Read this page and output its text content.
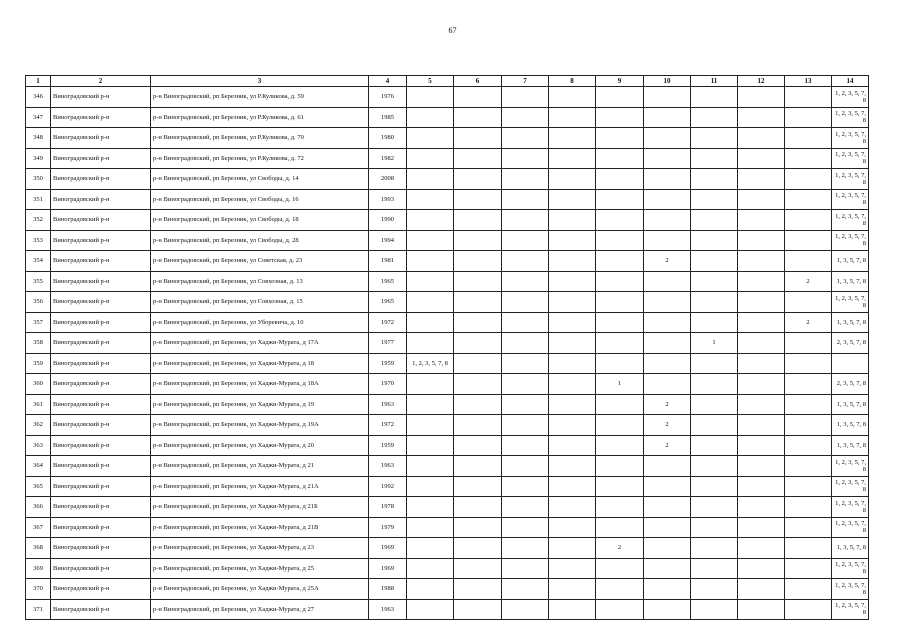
67
1	2	3	4	5	6	7	8	9	10	11	12	13	14
346	Виноградовский р-н	р-н Виноградовский, рп Березник, ул Р.Куликова, д. 59	1976										1, 2, 3, 5, 7, 8
347	Виноградовский р-н	р-н Виноградовский, рп Березник, ул Р.Куликова, д. 61	1985										1, 2, 3, 5, 7, 8
348	Виноградовский р-н	р-н Виноградовский, рп Березник, ул Р.Куликова, д. 70	1980										1, 2, 3, 5, 7, 8
349	Виноградовский р-н	р-н Виноградовский, рп Березник, ул Р.Куликова, д. 72	1982										1, 2, 3, 5, 7, 8
350	Виноградовский р-н	р-н Виноградовский, рп Березник, ул Свободы, д. 14	2008										1, 2, 3, 5, 7, 8
351	Виноградовский р-н	р-н Виноградовский, рп Березник, ул Свободы, д. 16	1993										1, 2, 3, 5, 7, 8
352	Виноградовский р-н	р-н Виноградовский, рп Березник, ул Свободы, д. 18	1990										1, 2, 3, 5, 7, 8
353	Виноградовский р-н	р-н Виноградовский, рп Березник, ул Свободы, д. 28	1994										1, 2, 3, 5, 7, 8
354	Виноградовский р-н	р-н Виноградовский, рп Березник, ул Советская, д. 23	1981						2				1, 3, 5, 7, 8
355	Виноградовский р-н	р-н Виноградовский, рп Березник, ул Совхозная, д. 13	1965									2	1, 3, 5, 7, 8
356	Виноградовский р-н	р-н Виноградовский, рп Березник, ул Совхозная, д. 15	1965										1, 2, 3, 5, 7, 8
357	Виноградовский р-н	р-н Виноградовский, рп Березник, ул Уборевича, д. 10	1972									2	1, 3, 5, 7, 8
358	Виноградовский р-н	р-н Виноградовский, рп Березник, ул Хаджи-Мурата, д 17А	1977							1			2, 3, 5, 7, 8
359	Виноградовский р-н	р-н Виноградовский, рп Березник, ул Хаджи-Мурата, д 18	1959	1, 2, 3, 5, 7, 8									
360	Виноградовский р-н	р-н Виноградовский, рп Березник, ул Хаджи-Мурата, д 18А	1970					1					2, 3, 5, 7, 8
361	Виноградовский р-н	р-н Виноградовский, рп Березник, ул Хаджи-Мурата, д 19	1963						2				1, 3, 5, 7, 8
362	Виноградовский р-н	р-н Виноградовский, рп Березник, ул Хаджи-Мурата, д 19А	1972						2				1, 3, 5, 7, 8
363	Виноградовский р-н	р-н Виноградовский, рп Березник, ул Хаджи-Мурата, д 20	1959						2				1, 3, 5, 7, 8
364	Виноградовский р-н	р-н Виноградовский, рп Березник, ул Хаджи-Мурата, д 21	1963										1, 2, 3, 5, 7, 8
365	Виноградовский р-н	р-н Виноградовский, рп Березник, ул Хаджи-Мурата, д 21А	1992										1, 2, 3, 5, 7, 8
366	Виноградовский р-н	р-н Виноградовский, рп Березник, ул Хаджи-Мурата, д 21Б	1978										1, 2, 3, 5, 7, 8
367	Виноградовский р-н	р-н Виноградовский, рп Березник, ул Хаджи-Мурата, д 21В	1979										1, 2, 3, 5, 7, 8
368	Виноградовский р-н	р-н Виноградовский, рп Березник, ул Хаджи-Мурата, д 23	1969					2					1, 3, 5, 7, 8
369	Виноградовский р-н	р-н Виноградовский, рп Березник, ул Хаджи-Мурата, д 25	1969										1, 2, 3, 5, 7, 8
370	Виноградовский р-н	р-н Виноградовский, рп Березник, ул Хаджи-Мурата, д 25А	1988										1, 2, 3, 5, 7, 8
371	Виноградовский р-н	р-н Виноградовский, рп Березник, ул Хаджи-Мурата, д 27	1963										1, 2, 3, 5, 7, 8
